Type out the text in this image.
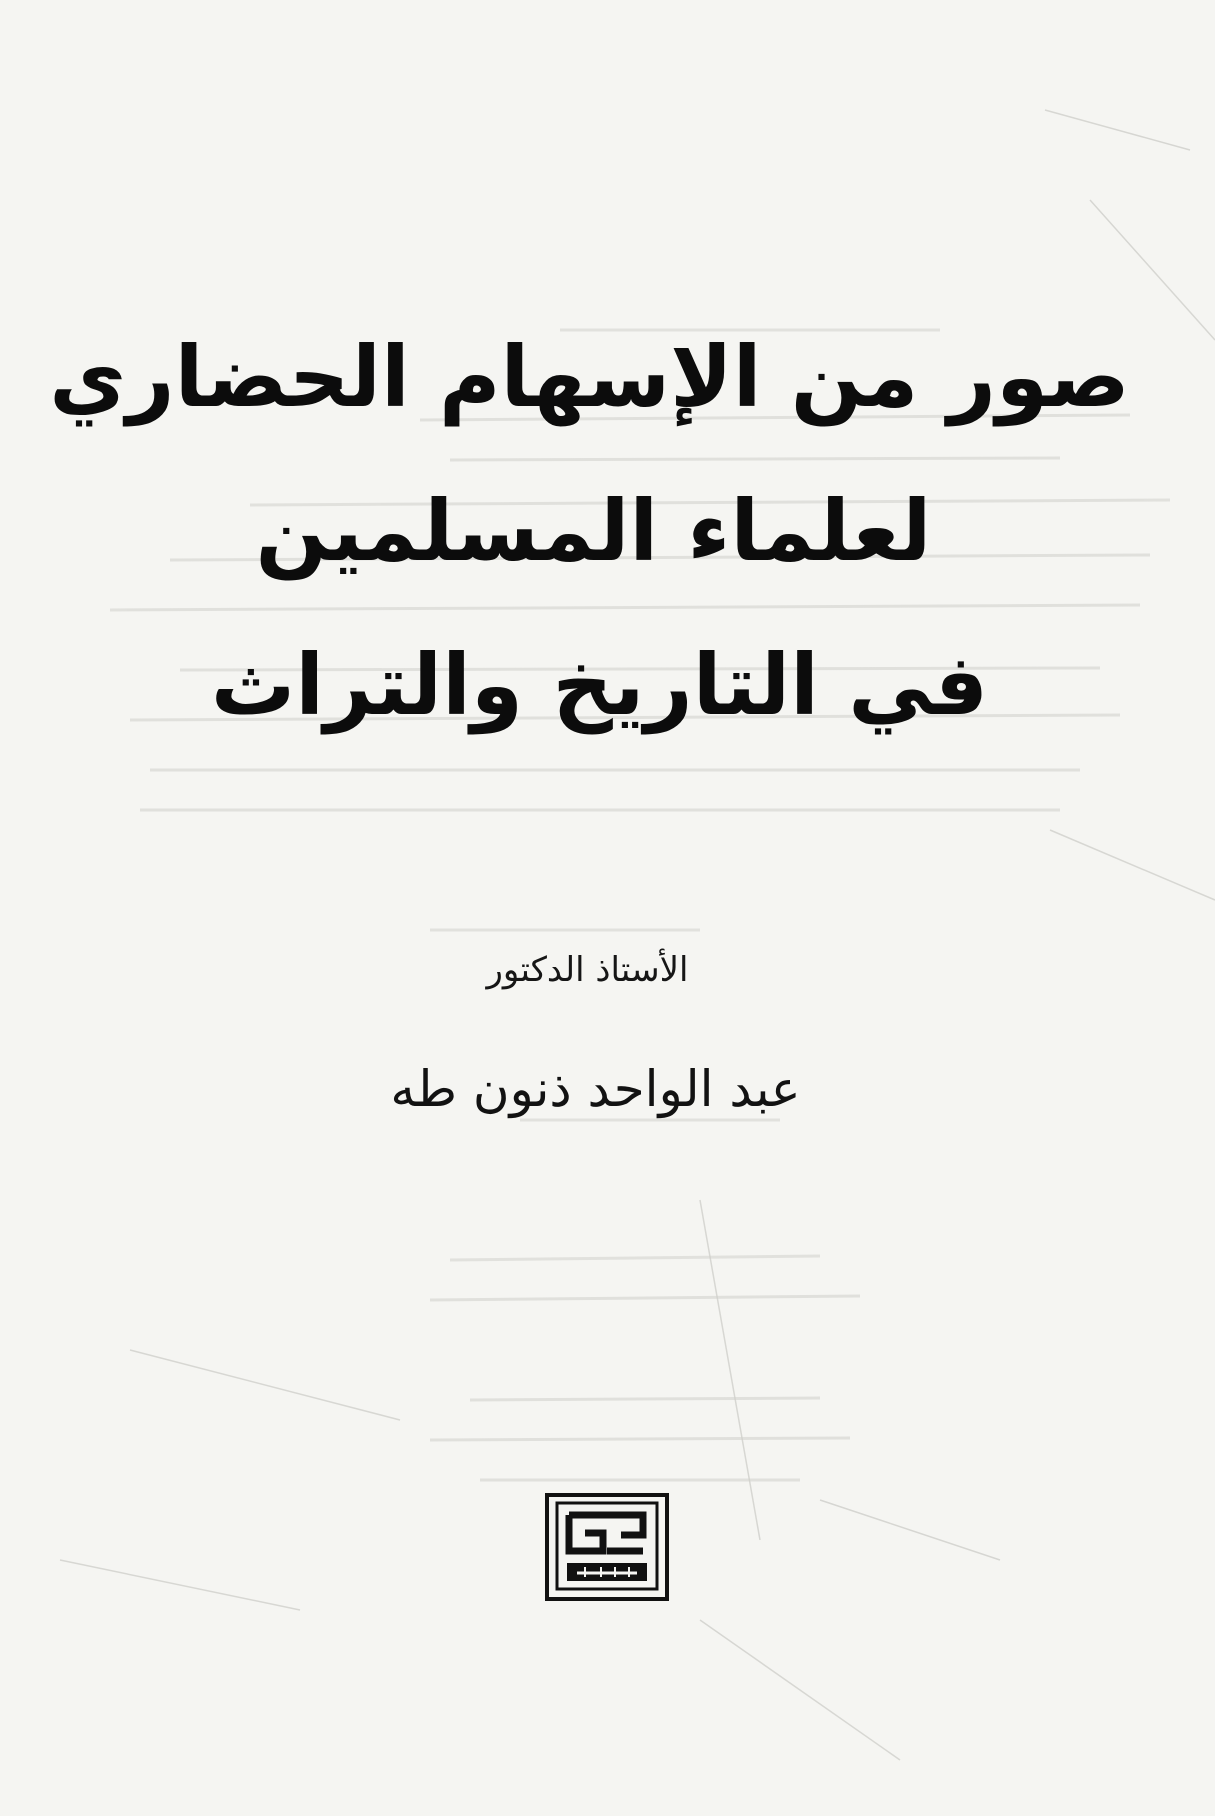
صور من الإسهام الحضاري
لعلماء المسلمين
في التاريخ والتراث
الأستاذ الدكتور
عبد الواحد ذنون طه
